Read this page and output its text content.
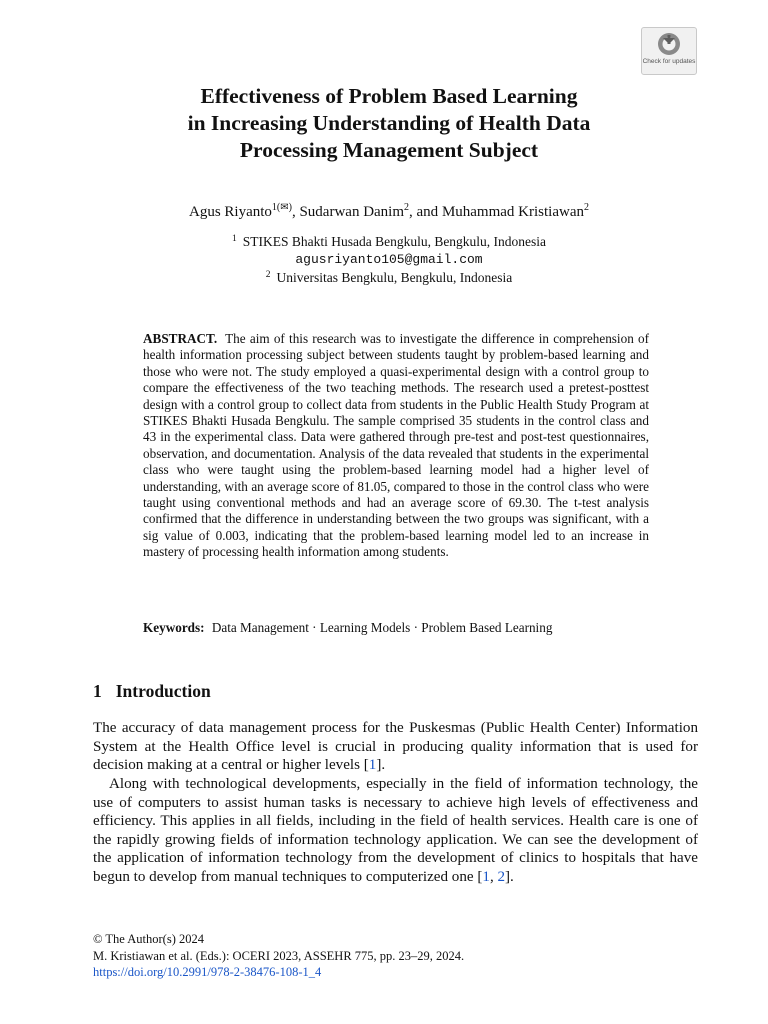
Check for updates
Effectiveness of Problem Based Learning
in Increasing Understanding of Health Data
Processing Management Subject
Agus Riyanto$^{1(✉)}$, Sudarwan Danim$^2$, and Muhammad Kristiawan$^2$
$^1$ STIKES Bhakti Husada Bengkulu, Bengkulu, Indonesia
agusriyanto105@gmail.com
$^2$ Universitas Bengkulu, Bengkulu, Indonesia

ABSTRACT. The aim of this research was to investigate the difference in comprehension of health information processing subject between students taught by problem-based learning and those who were not. The study employed a quasi-experimental design with a control group to compare the effectiveness of the two teaching methods. The research used a pretest-posttest design with a control group to collect data from students in the Public Health Study Program at STIKES Bhakti Husada Bengkulu. The sample comprised 35 students in the control class and 43 in the experimental class. Data were gathered through pre-test and post-test questionnaires, observation, and documentation. Analysis of the data revealed that students in the experimental class who were taught using the problem-based learning model had a higher level of understanding, with an average score of 81.05, compared to those in the control class who were taught using conventional methods and had an average score of 69.30. The t-test analysis confirmed that the difference in understanding between the two groups was significant, with a sig value of 0.003, indicating that the problem-based learning model led to an increase in mastery of processing health information among students.

Keywords: Data Management · Learning Models · Problem Based Learning

1 Introduction

The accuracy of data management process for the Puskesmas (Public Health Center) Information System at the Health Office level is crucial in producing quality information that is used for decision making at a central or higher levels [1].

Along with technological developments, especially in the field of information technology, the use of computers to assist human tasks is necessary to achieve high levels of effectiveness and efficiency. This applies in all fields, including in the field of health services. Health care is one of the rapidly growing fields of information technology application. We can see the development of the application of information technology from the development of clinics to hospitals that have begun to develop from manual techniques to computerized one [1, 2].

© The Author(s) 2024
M. Kristiawan et al. (Eds.): OCERI 2023, ASSEHR 775, pp. 23–29, 2024.
https://doi.org/10.2991/978-2-38476-108-1_4
